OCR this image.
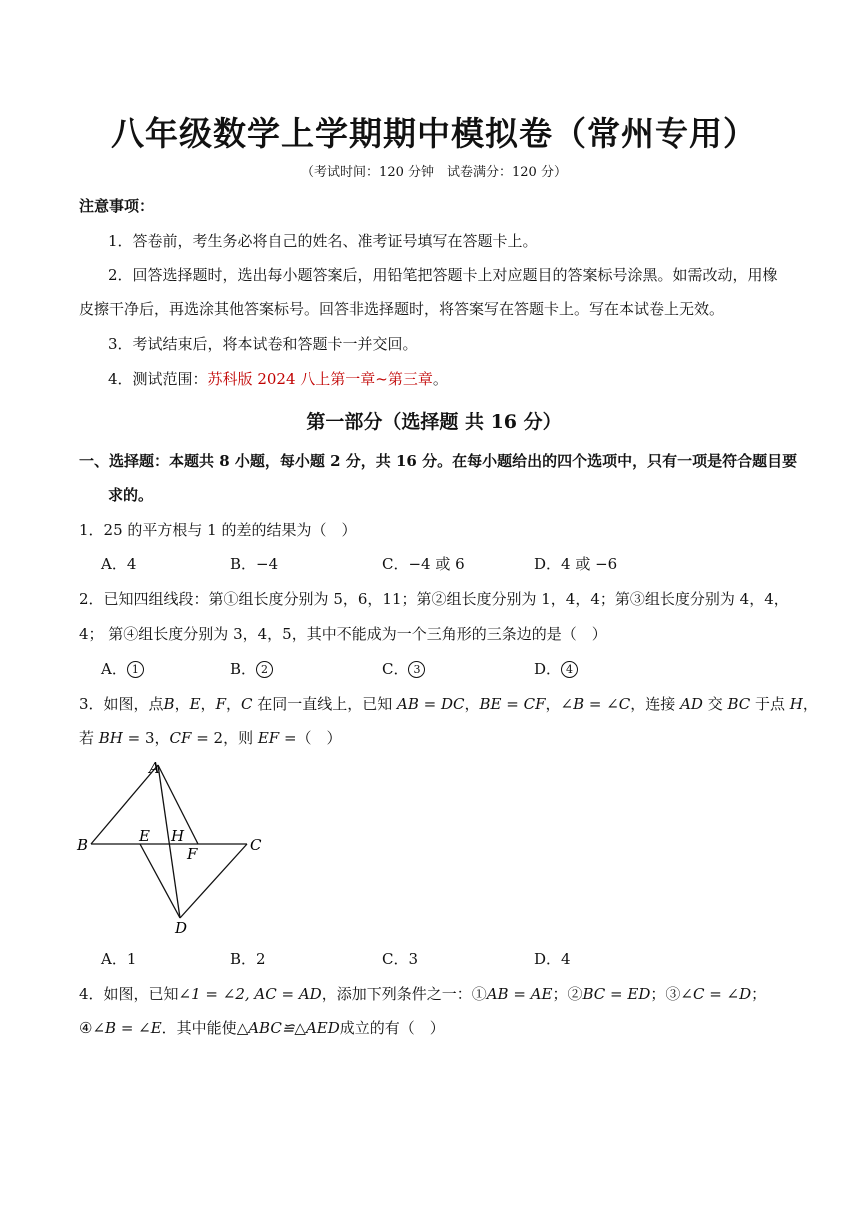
八年级数学上学期期中模拟卷（常州专用）
（考试时间：120 分钟　试卷满分：120 分）
注意事项：
1．答卷前，考生务必将自己的姓名、准考证号填写在答题卡上。
2．回答选择题时，选出每小题答案后，用铅笔把答题卡上对应题目的答案标号涂黑。如需改动，用橡
皮擦干净后，再选涂其他答案标号。回答非选择题时，将答案写在答题卡上。写在本试卷上无效。
3．考试结束后，将本试卷和答题卡一并交回。
4．测试范围：苏科版 2024 八上第一章~第三章。
第一部分（选择题 共 16 分）
一、选择题：本题共 8 小题，每小题 2 分，共 16 分。在每小题给出的四个选项中，只有一项是符合题目要
求的。
1．25 的平方根与 1 的差的结果为（　）
A．4	B．−4	C．−4 或 6	D．4 或 −6
2．已知四组线段：第①组长度分别为 5，6，11；第②组长度分别为 1，4，4；第③组长度分别为 4，4，
4； 第④组长度分别为 3，4，5，其中不能成为一个三角形的三条边的是（　）
A． 1	B． 2	C． 3	D． 4
3．如图，点B，E，F，C 在同一直线上，已知 AB = DC，BE = CF，∠B = ∠C，连接 AD 交 BC 于点 H，
若 BH = 3，CF = 2，则 EF =（　）
A
B	E H
F	C
D
A．1	B．2	C．3	D．4
4．如图，已知∠1 = ∠2, AC = AD，添加下列条件之一：①AB = AE；②BC = ED；③∠C = ∠D；
④∠B = ∠E．其中能使△ABC≌△AED成立的有（　）
